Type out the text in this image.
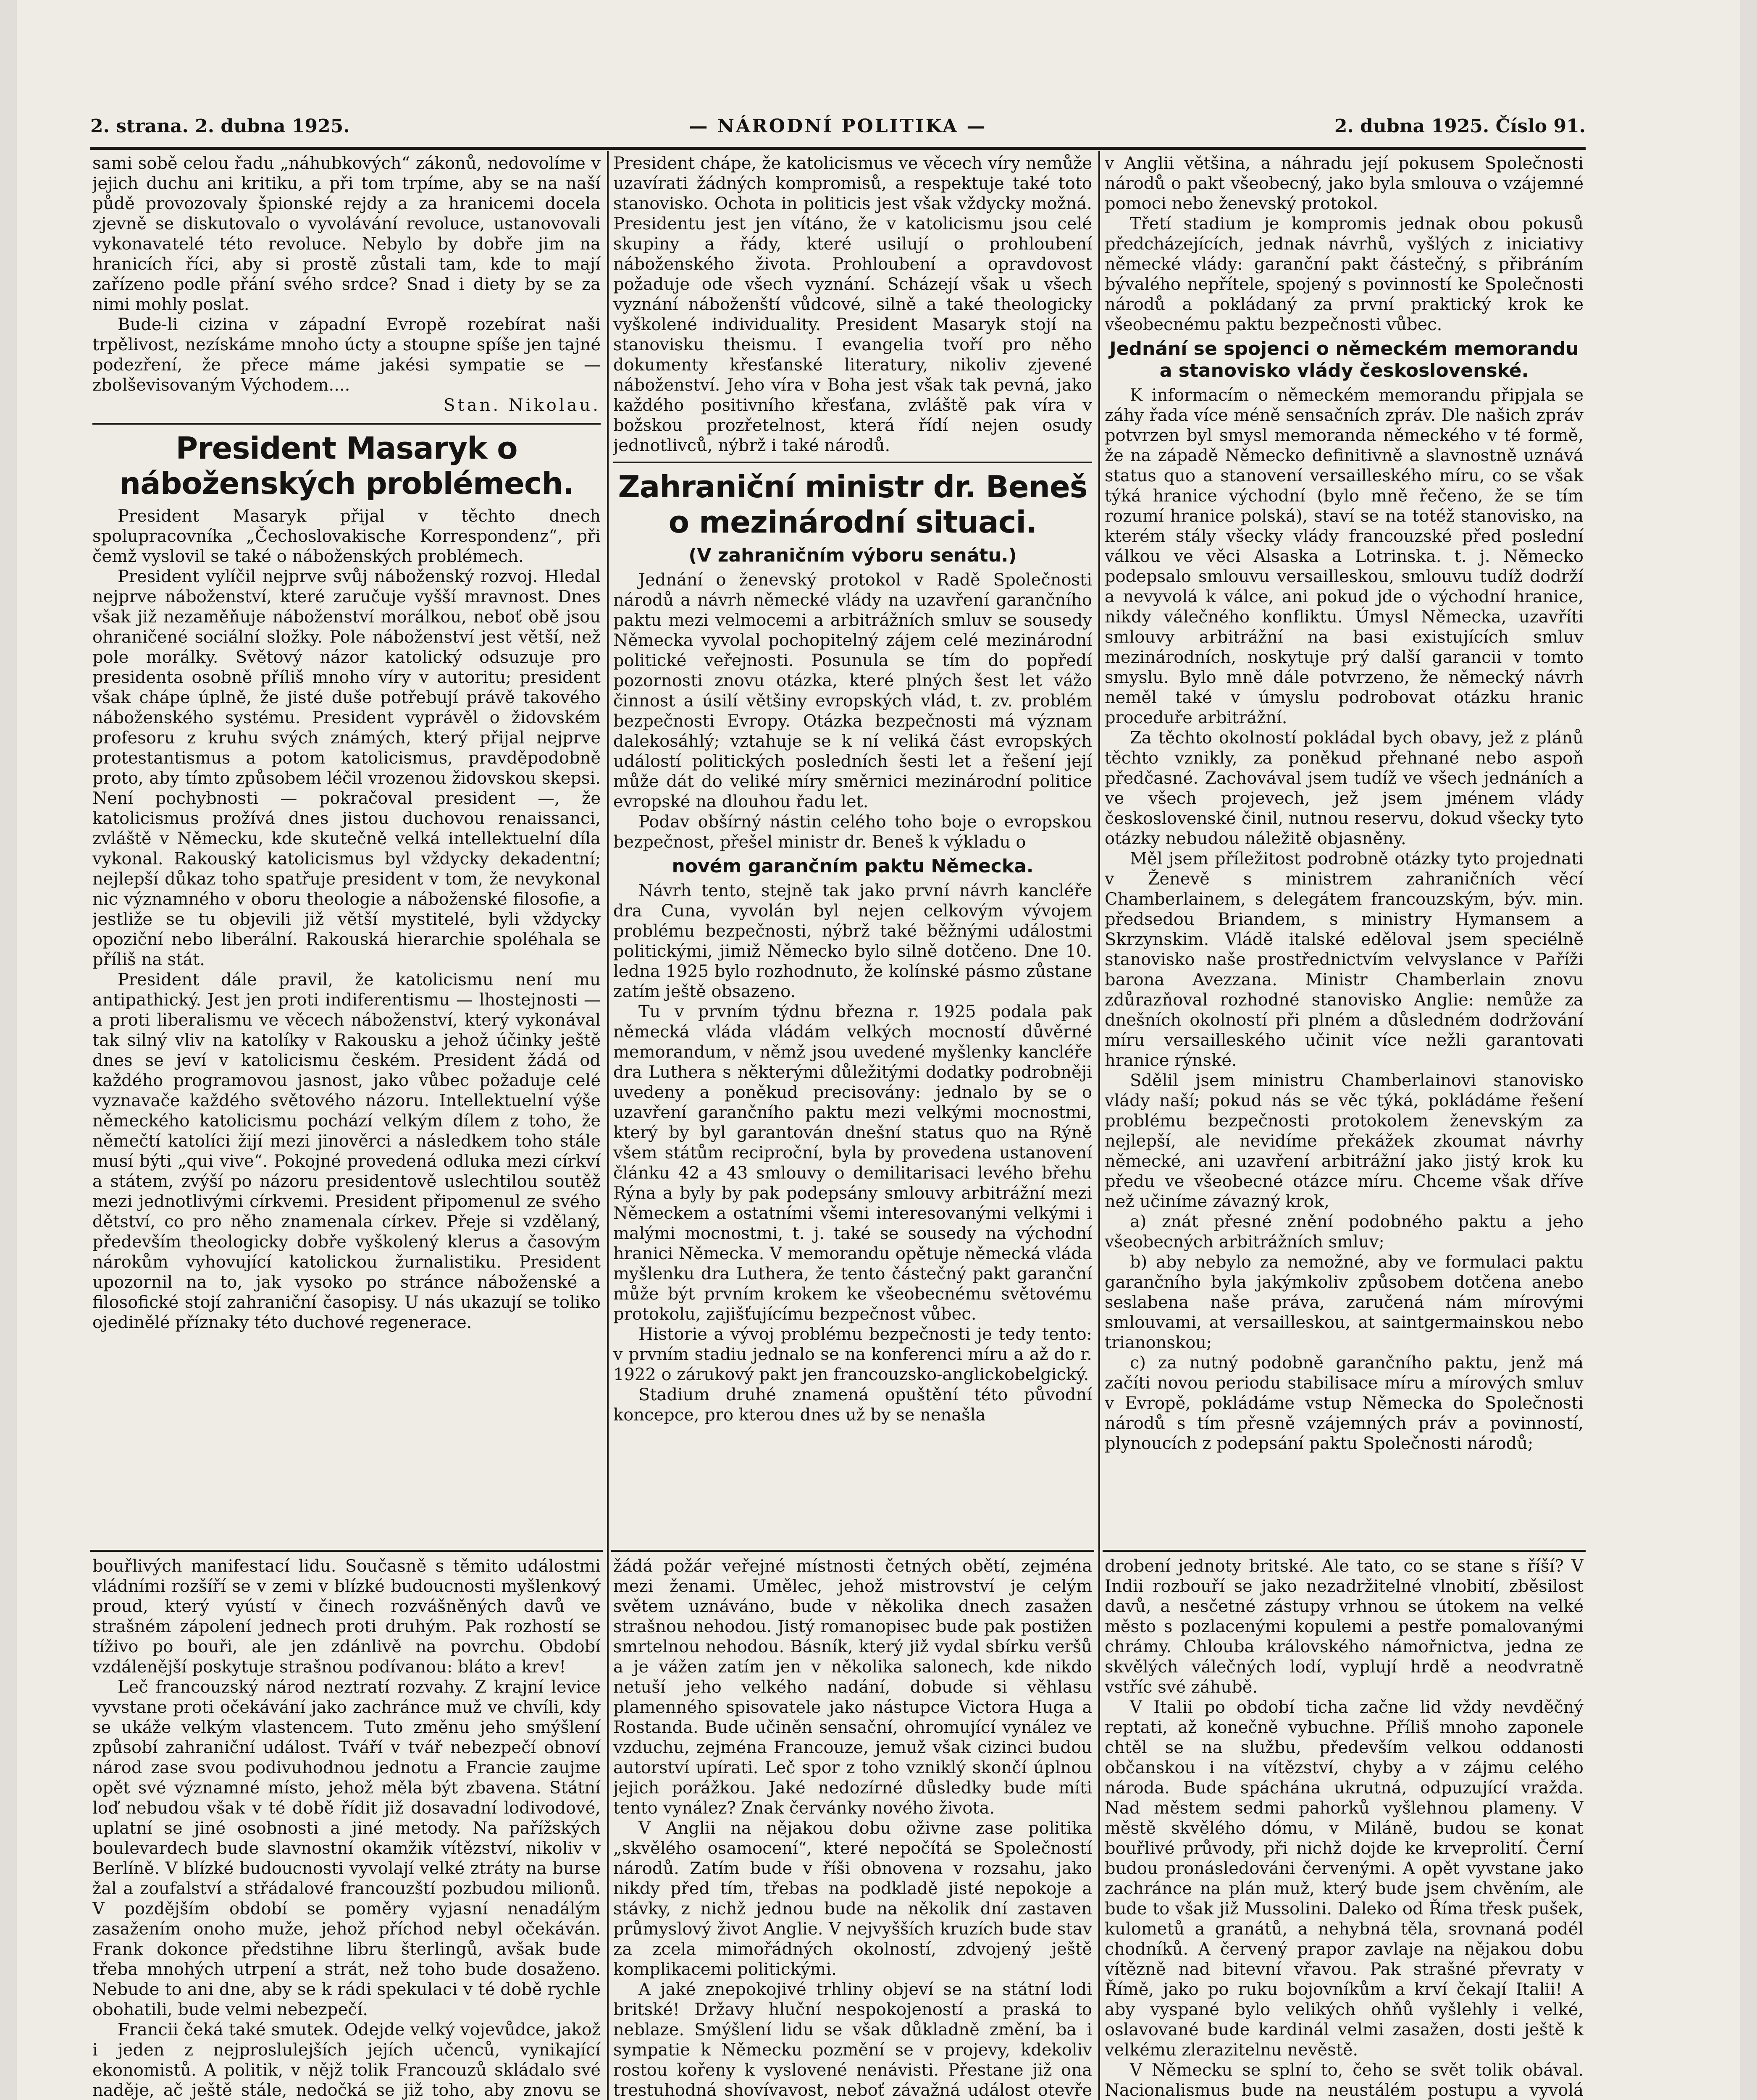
2. strana. 2. dubna 1925.	— NÁRODNÍ POLITIKA —	2. dubna 1925. Číslo 91.

sami sobě celou řadu „náhubkových“ zákonů, nedovolíme v jejich duchu ani kritiku, a při tom trpíme, aby se na naší půdě provozovaly špionské rejdy a za hranicemi docela zjevně se diskutovalo o vyvolávání revoluce, ustanovovali vykonavatelé této revoluce. Nebylo by dobře jim na hranicích říci, aby si prostě zůstali tam, kde to mají zařízeno podle přání svého srdce? Snad i diety by se za nimi mohly poslat.

Bude-li cizina v západní Evropě rozebírat naši trpělivost, nezískáme mnoho úcty a stoupne spíše jen tajné podezření, že přece máme jakési sympatie se — zbolševisovaným Východem....

Stan. Nikolau.

President Masaryk o náboženských problémech.

President Masaryk přijal v těchto dnech spolupracovníka „Čechoslovakische Korrespondenz“, při čemž vyslovil se také o náboženských problémech.

President vylíčil nejprve svůj náboženský rozvoj. Hledal nejprve náboženství, které zaručuje vyšší mravnost. Dnes však již nezaměňuje náboženství morálkou, neboť obě jsou ohraničené sociální složky. Pole náboženství jest větší, než pole morálky. Světový názor katolický odsuzuje pro presidenta osobně příliš mnoho víry v autoritu; president však chápe úplně, že jisté duše potřebují právě takového náboženského systému. President vyprávěl o židovském profesoru z kruhu svých známých, který přijal nejprve protestantismus a potom katolicismus, pravděpodobně proto, aby tímto způsobem léčil vrozenou židovskou skepsi. Není pochybnosti — pokračoval president —, že katolicismus prožívá dnes jistou duchovou renaissanci, zvláště v Německu, kde skutečně velká intellektuelní díla vykonal. Rakouský katolicismus byl vždycky dekadentní; nejlepší důkaz toho spatřuje president v tom, že nevykonal nic významného v oboru theologie a náboženské filosofie, a jestliže se tu objevili již větší mystitelé, byli vždycky opoziční nebo liberální. Rakouská hierarchie spoléhala se příliš na stát.

President dále pravil, že katolicismu není mu antipathický. Jest jen proti indiferentismu — lhostejnosti — a proti liberalismu ve věcech náboženství, který vykonával tak silný vliv na katolíky v Rakousku a jehož účinky ještě dnes se jeví v katolicismu českém. President žádá od každého programovou jasnost, jako vůbec požaduje celé vyznavače každého světového názoru. Intellektuelní výše německého katolicismu pochází velkým dílem z toho, že němečtí katolíci žijí mezi jinověrci a následkem toho stále musí býti „qui vive“. Pokojné provedená odluka mezi církví a státem, zvýší po názoru presidentově uslechtilou soutěž mezi jednotlivými církvemi. President připomenul ze svého dětství, co pro něho znamenala církev. Přeje si vzdělaný, především theologicky dobře vyškolený klerus a časovým nárokům vyhovující katolickou žurnalistiku. President upozornil na to, jak vysoko po stránce náboženské a filosofické stojí zahraniční časopisy. U nás ukazují se toliko ojedinělé příznaky této duchové regenerace.

President chápe, že katolicismus ve věcech víry nemůže uzavírati žádných kompromisů, a respektuje také toto stanovisko. Ochota in politicis jest však vždycky možná. Presidentu jest jen vítáno, že v katolicismu jsou celé skupiny a řády, které usilují o prohloubení náboženského života. Prohloubení a opravdovost požaduje ode všech vyznání. Scházejí však u všech vyznání náboženští vůdcové, silně a také theologicky vyškolené individuality. President Masaryk stojí na stanovisku theismu. I evangelia tvoří pro něho dokumenty křesťanské literatury, nikoliv zjevené náboženství. Jeho víra v Boha jest však tak pevná, jako každého positivního křesťana, zvláště pak víra v božskou prozřetelnost, která řídí nejen osudy jednotlivců, nýbrž i také národů.

Zahraniční ministr dr. Beneš o mezinárodní situaci.
(V zahraničním výboru senátu.)

Jednání o ženevský protokol v Radě Společnosti národů a návrh německé vlády na uzavření garančního paktu mezi velmocemi a arbitrážních smluv se sousedy Německa vyvolal pochopitelný zájem celé mezinárodní politické veřejnosti. Posunula se tím do popředí pozornosti znovu otázka, které plných šest let vážo činnost a úsilí většiny evropských vlád, t. zv. problém bezpečnosti Evropy. Otázka bezpečnosti má význam dalekosáhlý; vztahuje se k ní veliká část evropských událostí politických posledních šesti let a řešení její může dát do veliké míry směrnici mezinárodní politice evropské na dlouhou řadu let.

Podav obšírný nástin celého toho boje o evropskou bezpečnost, přešel ministr dr. Beneš k výkladu o

novém garančním paktu Německa.

Návrh tento, stejně tak jako první návrh kancléře dra Cuna, vyvolán byl nejen celkovým vývojem problému bezpečnosti, nýbrž také běžnými událostmi politickými, jimiž Německo bylo silně dotčeno. Dne 10. ledna 1925 bylo rozhodnuto, že kolínské pásmo zůstane zatím ještě obsazeno.

Tu v prvním týdnu března r. 1925 podala pak německá vláda vládám velkých mocností důvěrné memorandum, v němž jsou uvedené myšlenky kancléře dra Luthera s některými důležitými dodatky podrobněji uvedeny a poněkud precisovány: jednalo by se o uzavření garančního paktu mezi velkými mocnostmi, který by byl garantován dnešní status quo na Rýně všem státům reciproční, byla by provedena ustanovení článku 42 a 43 smlouvy o demilitarisaci levého břehu Rýna a byly by pak podepsány smlouvy arbitrážní mezi Německem a ostatními všemi interesovanými velkými i malými mocnostmi, t. j. také se sousedy na východní hranici Německa. V memorandu opětuje německá vláda myšlenku dra Luthera, že tento částečný pakt garanční může být prvním krokem ke všeobecnému světovému protokolu, zajišťujícímu bezpečnost vůbec.

Historie a vývoj problému bezpečnosti je tedy tento: v prvním stadiu jednalo se na konferenci míru a až do r. 1922 o zárukový pakt jen francouzsko-anglickobelgický.

Stadium druhé znamená opuštění této původní koncepce, pro kterou dnes už by se nenašla

v Anglii většina, a náhradu její pokusem Společnosti národů o pakt všeobecný, jako byla smlouva o vzájemné pomoci nebo ženevský protokol.

Třetí stadium je kompromis jednak obou pokusů předcházejících, jednak návrhů, vyšlých z iniciativy německé vlády: garanční pakt částečný, s přibráním bývalého nepřítele, spojený s povinností ke Společnosti národů a pokládaný za první praktický krok ke všeobecnému paktu bezpečnosti vůbec.

Jednání se spojenci o německém memorandu a stanovisko vlády československé.

K informacím o německém memorandu připjala se záhy řada více méně sensačních zpráv. Dle našich zpráv potvrzen byl smysl memoranda německého v té formě, že na západě Německo definitivně a slavnostně uznává status quo a stanovení versailleského míru, co se však týká hranice východní (bylo mně řečeno, že se tím rozumí hranice polská), staví se na totéž stanovisko, na kterém stály všecky vlády francouzské před poslední válkou ve věci Alsaska a Lotrinska. t. j. Německo podepsalo smlouvu versailleskou, smlouvu tudíž dodrží a nevyvolá k válce, ani pokud jde o východní hranice, nikdy válečného konfliktu. Úmysl Německa, uzavříti smlouvy arbitrážní na basi existujících smluv mezinárodních, noskytuje prý další garancii v tomto smyslu. Bylo mně dále potvrzeno, že německý návrh neměl také v úmyslu podrobovat otázku hranic proceduře arbitrážní.

Za těchto okolností pokládal bych obavy, jež z plánů těchto vznikly, za poněkud přehnané nebo aspoň předčasné. Zachovával jsem tudíž ve všech jednáních a ve všech projevech, jež jsem jménem vlády československé činil, nutnou reservu, dokud všecky tyto otázky nebudou náležitě objasněny.

Měl jsem příležitost podrobně otázky tyto projednati v Ženevě s ministrem zahraničních věcí Chamberlainem, s delegátem francouzským, býv. min. předsedou Briandem, s ministry Hymansem a Skrzynskim. Vládě italské eděloval jsem speciélně stanovisko naše prostřednictvím velvyslance v Paříži barona Avezzana. Ministr Chamberlain znovu zdůrazňoval rozhodné stanovisko Anglie: nemůže za dnešních okolností při plném a důsledném dodržování míru versailleského učinit více nežli garantovati hranice rýnské.

Sdělil jsem ministru Chamberlainovi stanovisko vlády naší; pokud nás se věc týká, pokládáme řešení problému bezpečnosti protokolem ženevským za nejlepší, ale nevidíme překážek zkoumat návrhy německé, ani uzavření arbitrážní jako jistý krok ku předu ve všeobecné otázce míru. Chceme však dříve než učiníme závazný krok,

a) znát přesné znění podobného paktu a jeho všeobecných arbitrážních smluv;

b) aby nebylo za nemožné, aby ve formulaci paktu garančního byla jakýmkoliv způsobem dotčena anebo seslabena naše práva, zaručená nám mírovými smlouvami, at versailleskou, at saintgermainskou nebo trianonskou;

c) za nutný podobně garančního paktu, jenž má začíti novou periodu stabilisace míru a mírových smluv v Evropě, pokládáme vstup Německa do Společnosti národů s tím přesně vzájemných práv a povinností, plynoucích z podepsání paktu Společnosti národů;

bouřlivých manifestací lidu. Současně s těmito událostmi vládními rozšíří se v zemi v blízké budoucnosti myšlenkový proud, který vyústí v činech rozvášněných davů ve strašném zápolení jednech proti druhým. Pak rozhostí se tíživo po bouři, ale jen zdánlivě na povrchu. Období vzdálenější poskytuje strašnou podívanou: bláto a krev!

Leč francouzský národ neztratí rozvahy. Z krajní levice vyvstane proti očekávání jako zachránce muž ve chvíli, kdy se ukáže velkým vlastencem. Tuto změnu jeho smýšlení způsobí zahraniční událost. Tváří v tvář nebezpečí obnoví národ zase svou podivuhodnou jednotu a Francie zaujme opět své významné místo, jehož měla být zbavena. Státní loď nebudou však v té době řídit již dosavadní lodivodové, uplatní se jiné osobnosti a jiné metody. Na pařížských boulevardech bude slavnostní okamžik vítězství, nikoliv v Berlíně. V blízké budoucnosti vyvolají velké ztráty na burse žal a zoufalství a střádalové francouzští pozbudou milionů. V pozdějším období se poměry vyjasní nenadálým zasažením onoho muže, jehož příchod nebyl očekáván. Frank dokonce předstihne libru šterlingů, avšak bude třeba mnohých utrpení a strát, než toho bude dosaženo. Nebude to ani dne, aby se k rádi spekulaci v té době rychle obohatili, bude velmi nebezpečí.

Francii čeká také smutek. Odejde velký vojevůdce, jakož i jeden z nejproslulejších jejích učenců, vynikající ekonomistů. A politik, v nějž tolik Francouzů skládalo své naděje, ač ještě stále, nedočká se již toho, aby znovu se

žádá požár veřejné místnosti četných obětí, zejména mezi ženami. Umělec, jehož mistrovství je celým světem uznáváno, bude v několika dnech zasažen strašnou nehodou. Jistý romanopisec bude pak postižen smrtelnou nehodou. Básník, který již vydal sbírku veršů a je vážen zatím jen v několika salonech, kde nikdo netuší jeho velkého nadání, dobude si věhlasu plamenného spisovatele jako nástupce Victora Huga a Rostanda. Bude učiněn sensační, ohromující vynález ve vzduchu, zejména Francouze, jemuž však cizinci budou autorství upírati. Leč spor z toho vzniklý skončí úplnou jejich porážkou. Jaké nedozírné důsledky bude míti tento vynález? Znak červánky nového života.

V Anglii na nějakou dobu oživne zase politika „skvělého osamocení“, které nepočítá se Společností národů. Zatím bude v říši obnovena v rozsahu, jako nikdy před tím, třebas na podkladě jisté nepokoje a stávky, z nichž jednou bude na několik dní zastaven průmyslový život Anglie. V nejvyšších kruzích bude stav za zcela mimořádných okolností, zdvojený ještě komplikacemi politickými.

A jaké znepokojivé trhliny objeví se na státní lodi britské! Državy hluční nespokojeností a praská to neblaze. Smýšlení lidu se však důkladně změní, ba i sympatie k Německu pozmění se v projevy, kdekoliv rostou kořeny k vyslovené nenávisti. Přestane již ona trestuhodná shovívavost, neboť závažná událost otevře

drobení jednoty britské. Ale tato, co se stane s říší? V Indii rozbouří se jako nezadržitelné vlnobití, zběsilost davů, a nesčetné zástupy vrhnou se útokem na velké město s pozlacenými kopulemi a pestře pomalovanými chrámy. Chlouba královského námořnictva, jedna ze skvělých válečných lodí, vyplují hrdě a neodvratně vstříc své záhubě.

V Italii po období ticha začne lid vždy nevděčný reptati, až konečně vybuchne. Příliš mnoho zaponele chtěl se na službu, především velkou oddanosti občanskou i na vítězství, chyby a v zájmu celého národa. Bude spáchána ukrutná, odpuzující vražda. Nad městem sedmi pahorků vyšlehnou plameny. V městě skvělého dómu, v Miláně, budou se konat bouřlivé průvody, při nichž dojde ke krveprolití. Černí budou pronásledováni červenými. A opět vyvstane jako zachránce na plán muž, který bude jsem chvěním, ale bude to však již Mussolini. Daleko od Říma třesk pušek, kulometů a granátů, a nehybná těla, srovnaná podél chodníků. A červený prapor zavlaje na nějakou dobu vítězně nad bitevní vřavou. Pak strašné převraty v Římě, jako po ruku bojovníkům a krví čekají Italii! A aby vyspané bylo velikých ohňů vyšlehly i velké, oslavované bude kardinál velmi zasažen, dosti ještě k velkému zlerazitelnu nevěstě.

V Německu se splní to, čeho se svět tolik obával. Nacionalismus bude na neustálém postupu a vyvolá
